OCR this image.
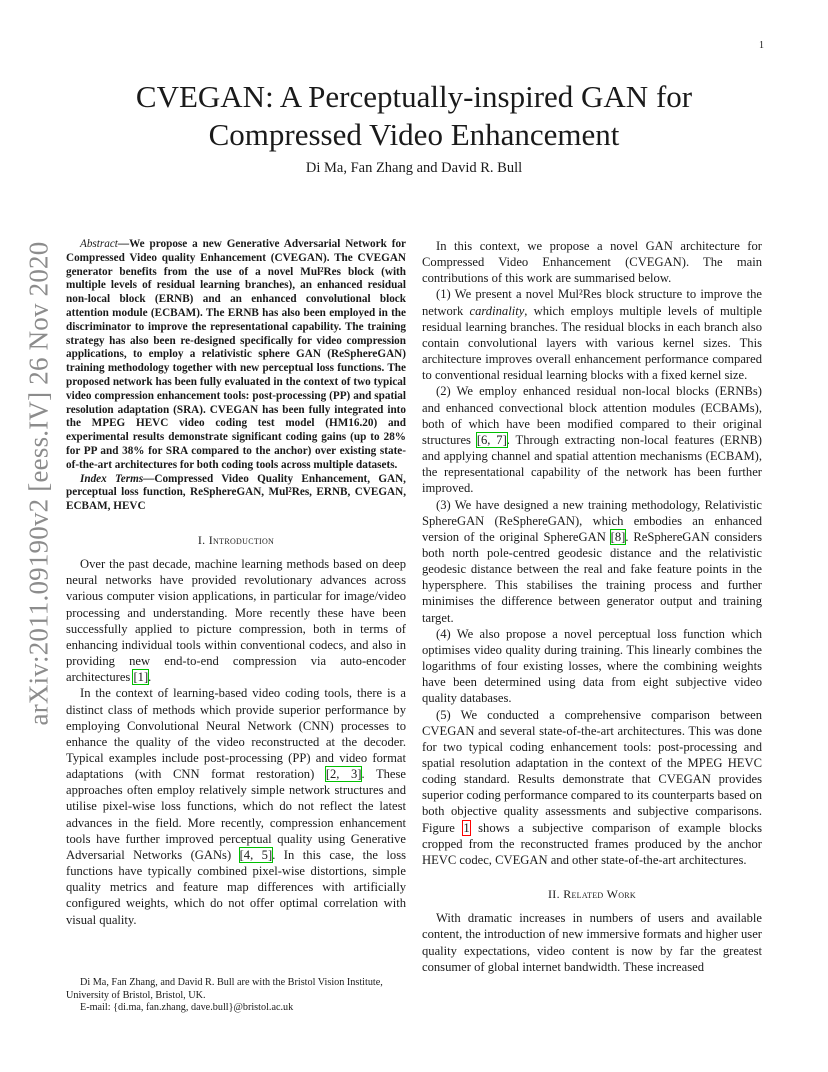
1
arXiv:2011.09190v2 [eess.IV] 26 Nov 2020
CVEGAN: A Perceptually-inspired GAN for
Compressed Video Enhancement
Di Ma, Fan Zhang and David R. Bull

Abstract—We propose a new Generative Adversarial Network for Compressed Video quality Enhancement (CVEGAN). The CVEGAN generator benefits from the use of a novel Mul²Res block (with multiple levels of residual learning branches), an enhanced residual non-local block (ERNB) and an enhanced convolutional block attention module (ECBAM). The ERNB has also been employed in the discriminator to improve the representational capability. The training strategy has also been re-designed specifically for video compression applications, to employ a relativistic sphere GAN (ReSphereGAN) training methodology together with new perceptual loss functions. The proposed network has been fully evaluated in the context of two typical video compression enhancement tools: post-processing (PP) and spatial resolution adaptation (SRA). CVEGAN has been fully integrated into the MPEG HEVC video coding test model (HM16.20) and experimental results demonstrate significant coding gains (up to 28% for PP and 38% for SRA compared to the anchor) over existing state-of-the-art architectures for both coding tools across multiple datasets.

Index Terms—Compressed Video Quality Enhancement, GAN, perceptual loss function, ReSphereGAN, Mul²Res, ERNB, CVEGAN, ECBAM, HEVC

I. Introduction

Over the past decade, machine learning methods based on deep neural networks have provided revolutionary advances across various computer vision applications, in particular for image/video processing and understanding. More recently these have been successfully applied to picture compression, both in terms of enhancing individual tools within conventional codecs, and also in providing new end-to-end compression via auto-encoder architectures [1].

In the context of learning-based video coding tools, there is a distinct class of methods which provide superior performance by employing Convolutional Neural Network (CNN) processes to enhance the quality of the video reconstructed at the decoder. Typical examples include post-processing (PP) and video format adaptations (with CNN format restoration) [2, 3]. These approaches often employ relatively simple network structures and utilise pixel-wise loss functions, which do not reflect the latest advances in the field. More recently, compression enhancement tools have further improved perceptual quality using Generative Adversarial Networks (GANs) [4, 5]. In this case, the loss functions have typically combined pixel-wise distortions, simple quality metrics and feature map differences with artificially configured weights, which do not offer optimal correlation with visual quality.

Di Ma, Fan Zhang, and David R. Bull are with the Bristol Vision Institute, University of Bristol, Bristol, UK.

E-mail: {di.ma, fan.zhang, dave.bull}@bristol.ac.uk

In this context, we propose a novel GAN architecture for Compressed Video Enhancement (CVEGAN). The main contributions of this work are summarised below.

(1) We present a novel Mul²Res block structure to improve the network cardinality, which employs multiple levels of multiple residual learning branches. The residual blocks in each branch also contain convolutional layers with various kernel sizes. This architecture improves overall enhancement performance compared to conventional residual learning blocks with a fixed kernel size.

(2) We employ enhanced residual non-local blocks (ERNBs) and enhanced convectional block attention modules (ECBAMs), both of which have been modified compared to their original structures [6, 7]. Through extracting non-local features (ERNB) and applying channel and spatial attention mechanisms (ECBAM), the representational capability of the network has been further improved.

(3) We have designed a new training methodology, Relativistic SphereGAN (ReSphereGAN), which embodies an enhanced version of the original SphereGAN [8]. ReSphereGAN considers both north pole-centred geodesic distance and the relativistic geodesic distance between the real and fake feature points in the hypersphere. This stabilises the training process and further minimises the difference between generator output and training target.

(4) We also propose a novel perceptual loss function which optimises video quality during training. This linearly combines the logarithms of four existing losses, where the combining weights have been determined using data from eight subjective video quality databases.

(5) We conducted a comprehensive comparison between CVEGAN and several state-of-the-art architectures. This was done for two typical coding enhancement tools: post-processing and spatial resolution adaptation in the context of the MPEG HEVC coding standard. Results demonstrate that CVEGAN provides superior coding performance compared to its counterparts based on both objective quality assessments and subjective comparisons. Figure 1 shows a subjective comparison of example blocks cropped from the reconstructed frames produced by the anchor HEVC codec, CVEGAN and other state-of-the-art architectures.

II. Related Work

With dramatic increases in numbers of users and available content, the introduction of new immersive formats and higher user quality expectations, video content is now by far the greatest consumer of global internet bandwidth. These increased
